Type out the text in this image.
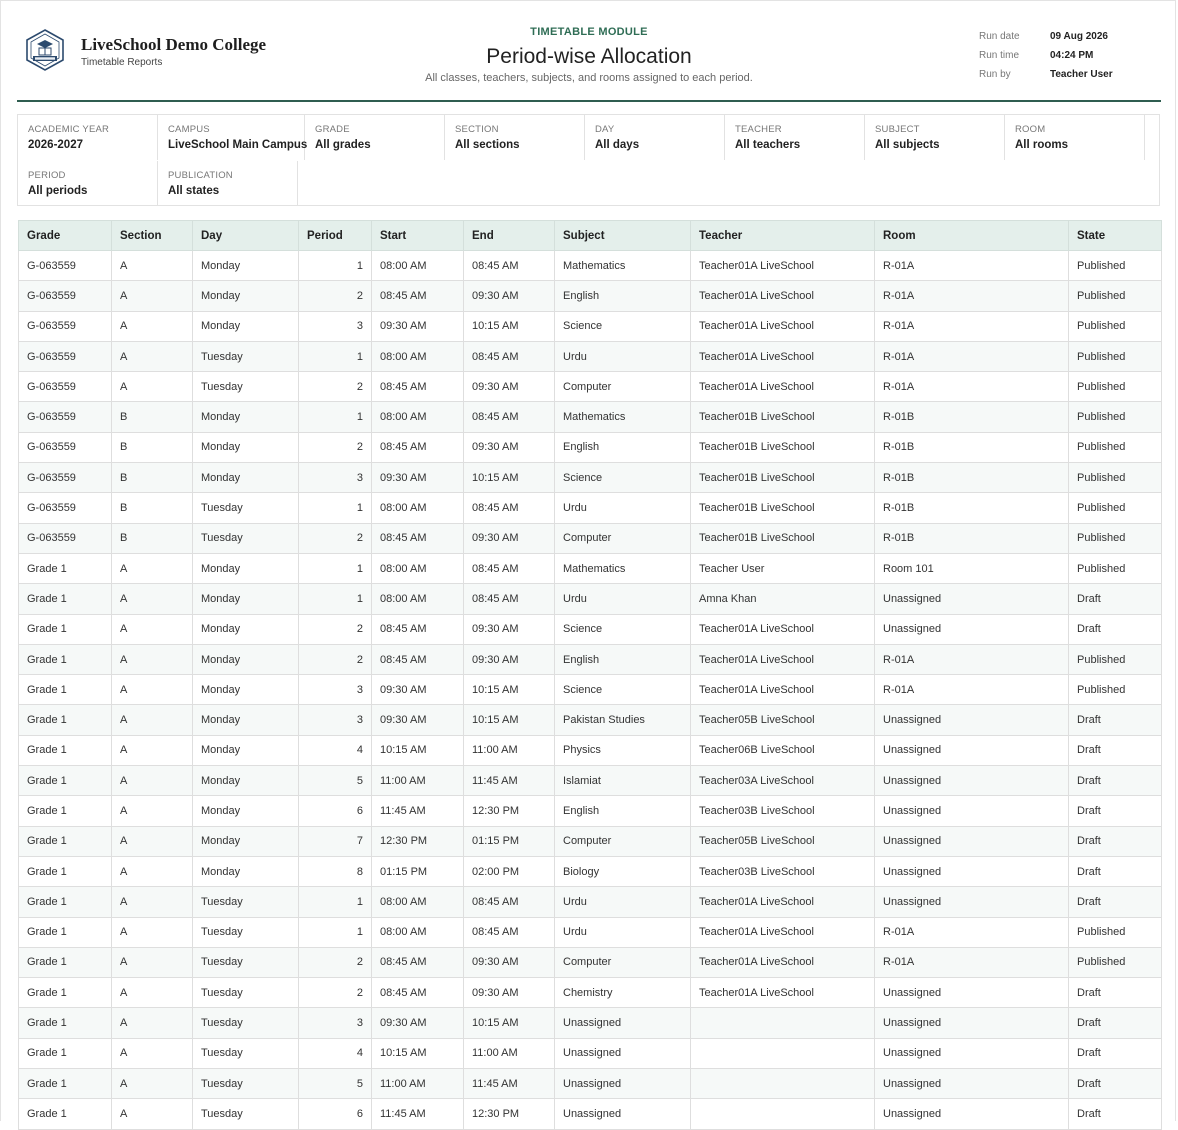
LiveSchool Demo College
Timetable Reports
TIMETABLE MODULE
Period-wise Allocation
All classes, teachers, subjects, and rooms assigned to each period.
Run date	09 Aug 2026
Run time	04:24 PM
Run by	Teacher User
ACADEMIC YEAR
2026-2027
CAMPUS
LiveSchool Main Campus
GRADE
All grades
SECTION
All sections
DAY
All days
TEACHER
All teachers
SUBJECT
All subjects
ROOM
All rooms
PERIOD
All periods
PUBLICATION
All states
Grade	Section	Day	Period	Start	End	Subject	Teacher	Room	State
G-063559	A	Monday	1	08:00 AM	08:45 AM	Mathematics	Teacher01A LiveSchool	R-01A	Published
G-063559	A	Monday	2	08:45 AM	09:30 AM	English	Teacher01A LiveSchool	R-01A	Published
G-063559	A	Monday	3	09:30 AM	10:15 AM	Science	Teacher01A LiveSchool	R-01A	Published
G-063559	A	Tuesday	1	08:00 AM	08:45 AM	Urdu	Teacher01A LiveSchool	R-01A	Published
G-063559	A	Tuesday	2	08:45 AM	09:30 AM	Computer	Teacher01A LiveSchool	R-01A	Published
G-063559	B	Monday	1	08:00 AM	08:45 AM	Mathematics	Teacher01B LiveSchool	R-01B	Published
G-063559	B	Monday	2	08:45 AM	09:30 AM	English	Teacher01B LiveSchool	R-01B	Published
G-063559	B	Monday	3	09:30 AM	10:15 AM	Science	Teacher01B LiveSchool	R-01B	Published
G-063559	B	Tuesday	1	08:00 AM	08:45 AM	Urdu	Teacher01B LiveSchool	R-01B	Published
G-063559	B	Tuesday	2	08:45 AM	09:30 AM	Computer	Teacher01B LiveSchool	R-01B	Published
Grade 1	A	Monday	1	08:00 AM	08:45 AM	Mathematics	Teacher User	Room 101	Published
Grade 1	A	Monday	1	08:00 AM	08:45 AM	Urdu	Amna Khan	Unassigned	Draft
Grade 1	A	Monday	2	08:45 AM	09:30 AM	Science	Teacher01A LiveSchool	Unassigned	Draft
Grade 1	A	Monday	2	08:45 AM	09:30 AM	English	Teacher01A LiveSchool	R-01A	Published
Grade 1	A	Monday	3	09:30 AM	10:15 AM	Science	Teacher01A LiveSchool	R-01A	Published
Grade 1	A	Monday	3	09:30 AM	10:15 AM	Pakistan Studies	Teacher05B LiveSchool	Unassigned	Draft
Grade 1	A	Monday	4	10:15 AM	11:00 AM	Physics	Teacher06B LiveSchool	Unassigned	Draft
Grade 1	A	Monday	5	11:00 AM	11:45 AM	Islamiat	Teacher03A LiveSchool	Unassigned	Draft
Grade 1	A	Monday	6	11:45 AM	12:30 PM	English	Teacher03B LiveSchool	Unassigned	Draft
Grade 1	A	Monday	7	12:30 PM	01:15 PM	Computer	Teacher05B LiveSchool	Unassigned	Draft
Grade 1	A	Monday	8	01:15 PM	02:00 PM	Biology	Teacher03B LiveSchool	Unassigned	Draft
Grade 1	A	Tuesday	1	08:00 AM	08:45 AM	Urdu	Teacher01A LiveSchool	Unassigned	Draft
Grade 1	A	Tuesday	1	08:00 AM	08:45 AM	Urdu	Teacher01A LiveSchool	R-01A	Published
Grade 1	A	Tuesday	2	08:45 AM	09:30 AM	Computer	Teacher01A LiveSchool	R-01A	Published
Grade 1	A	Tuesday	2	08:45 AM	09:30 AM	Chemistry	Teacher01A LiveSchool	Unassigned	Draft
Grade 1	A	Tuesday	3	09:30 AM	10:15 AM	Unassigned		Unassigned	Draft
Grade 1	A	Tuesday	4	10:15 AM	11:00 AM	Unassigned		Unassigned	Draft
Grade 1	A	Tuesday	5	11:00 AM	11:45 AM	Unassigned		Unassigned	Draft
Grade 1	A	Tuesday	6	11:45 AM	12:30 PM	Unassigned		Unassigned	Draft
